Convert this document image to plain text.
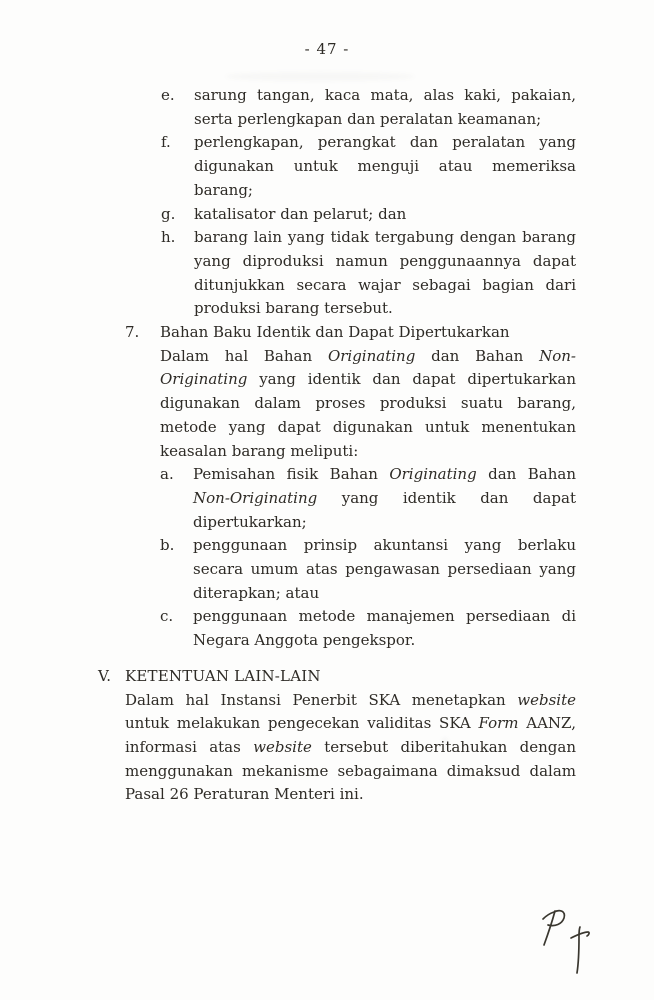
- 47 -
e.	sarung tangan, kaca mata, alas kaki, pakaian, serta perlengkapan dan peralatan keamanan;
f.	perlengkapan, perangkat dan peralatan yang digunakan untuk menguji atau memeriksa barang;
g.	katalisator dan pelarut; dan
h.	barang lain yang tidak tergabung dengan barang yang diproduksi namun penggunaannya dapat ditunjukkan secara wajar sebagai bagian dari produksi barang tersebut.
7.	Bahan Baku Identik dan Dapat Dipertukarkan
Dalam hal Bahan Originating dan Bahan Non-Originating yang identik dan dapat dipertukarkan digunakan dalam proses produksi suatu barang, metode yang dapat digunakan untuk menentukan keasalan barang meliputi:
a.	Pemisahan fisik Bahan Originating dan Bahan Non-Originating yang identik dan dapat dipertukarkan;
b.	penggunaan prinsip akuntansi yang berlaku secara umum atas pengawasan persediaan yang diterapkan; atau
c.	penggunaan metode manajemen persediaan di Negara Anggota pengekspor.
V. KETENTUAN LAIN-LAIN
Dalam hal Instansi Penerbit SKA menetapkan website untuk melakukan pengecekan validitas SKA Form AANZ, informasi atas website tersebut diberitahukan dengan menggunakan mekanisme sebagaimana dimaksud dalam Pasal 26 Peraturan Menteri ini.
